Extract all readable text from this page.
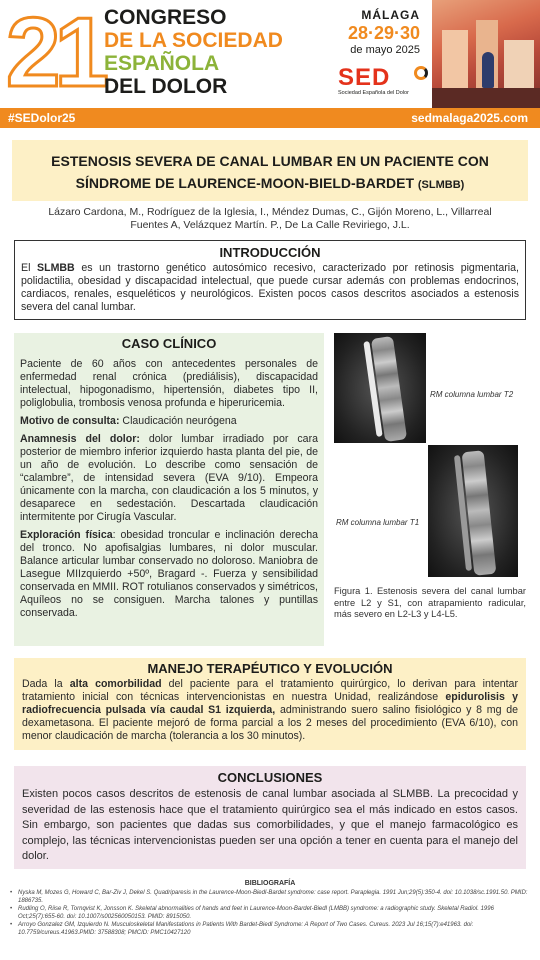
21 CONGRESO
DE LA SOCIEDAD
ESPAÑOLA
DEL DOLOR
MÁLAGA
28·29·30
de mayo 2025
SED
Sociedad Española del Dolor
#SEDolor25	sedmalaga2025.com
ESTENOSIS SEVERA DE CANAL LUMBAR EN UN PACIENTE CON
SÍNDROME DE LAURENCE-MOON-BIELD-BARDET (SLMBB)
Lázaro Cardona, M., Rodríguez de la Iglesia, I., Méndez Dumas, C., Gijón Moreno, L., Villarreal
Fuentes A, Velázquez Martín. P., De La Calle Reviriego, J.L.
INTRODUCCIÓN

El SLMBB es un trastorno genético autosómico recesivo, caracterizado por retinosis pigmentaria, polidactilia, obesidad y discapacidad intelectual, que puede cursar además con problemas endocrinos, cardiacos, renales, esqueléticos y neurológicos. Existen pocos casos descritos asociados a estenosis severa del canal lumbar.

CASO CLÍNICO

Paciente de 60 años con antecedentes personales de enfermedad renal crónica (prediálisis), discapacidad intelectual, hipogonadismo, hipertensión, diabetes tipo II, poliglobulia, trombosis venosa profunda e hiperuricemia.

Motivo de consulta: Claudicación neurógena

Anamnesis del dolor: dolor lumbar irradiado por cara posterior de miembro inferior izquierdo hasta planta del pie, de un año de evolución. Lo describe como sensación de “calambre”, de intensidad severa (EVA 9/10). Empeora únicamente con la marcha, con claudicación a los 5 minutos, y desaparece en sedestación. Descartada claudicación intermitente por Cirugía Vascular.

Exploración física: obesidad troncular e inclinación derecha del tronco. No apofisalgias lumbares, ni dolor muscular. Balance articular lumbar conservado no doloroso. Maniobra de Lasegue MIIzquierdo +50º, Bragard -. Fuerza y sensibilidad conservada en MMII. ROT rotulianos conservados y simétricos, Aquíleos no se consiguen. Marcha talones y puntillas conservada.

RM columna lumbar T2
RM columna lumbar T1
Figura 1. Estenosis severa del canal lumbar entre L2 y S1, con atrapamiento radicular, más severo en L2-L3 y L4-L5.
MANEJO TERAPÉUTICO Y EVOLUCIÓN

Dada la alta comorbilidad del paciente para el tratamiento quirúrgico, lo derivan para intentar tratamiento inicial con técnicas intervencionistas en nuestra Unidad, realizándose epidurolisis y radiofrecuencia pulsada vía caudal S1 izquierda, administrando suero salino fisiológico y 8 mg de dexametasona. El paciente mejoró de forma parcial a los 2 meses del procedimiento (EVA 6/10), con menor claudicación de marcha (tolerancia a los 30 minutos).

CONCLUSIONES

Existen pocos casos descritos de estenosis de canal lumbar asociada al SLMBB. La precocidad y severidad de las estenosis hace que el tratamiento quirúrgico sea el más indicado en estos casos. Sin embargo, son pacientes que dadas sus comorbilidades, y que el manejo farmacológico es complejo, las técnicas intervencionistas pueden ser una opción a tener en cuenta para el manejo del dolor.

BIBLIOGRAFÍA
• Nyska M, Mozes G, Howard C, Bar-Ziv J, Dekel S. Quadriparesis in the Laurence-Moon-Biedl-Bardet syndrome: case report. Paraplegia. 1991 Jun;29(5):350-4. doi: 10.1038/sc.1991.50. PMID: 1886735.
• Rudling O, Riise R, Tornqvist K, Jonsson K. Skeletal abnormalities of hands and feet in Laurence-Moon-Bardet-Biedl (LMBB) syndrome: a radiographic study. Skeletal Radiol. 1996 Oct;25(7):655-60. doi: 10.1007/s002560050153. PMID: 8915050.
• Arroyo Gonzalez GM, Izquierdo N. Musculoskeletal Manifestations in Patients With Bardet-Biedl Syndrome: A Report of Two Cases. Cureus. 2023 Jul 16;15(7):e41963. doi: 10.7759/cureus.41963.PMID: 37588308; PMCID: PMC10427120
